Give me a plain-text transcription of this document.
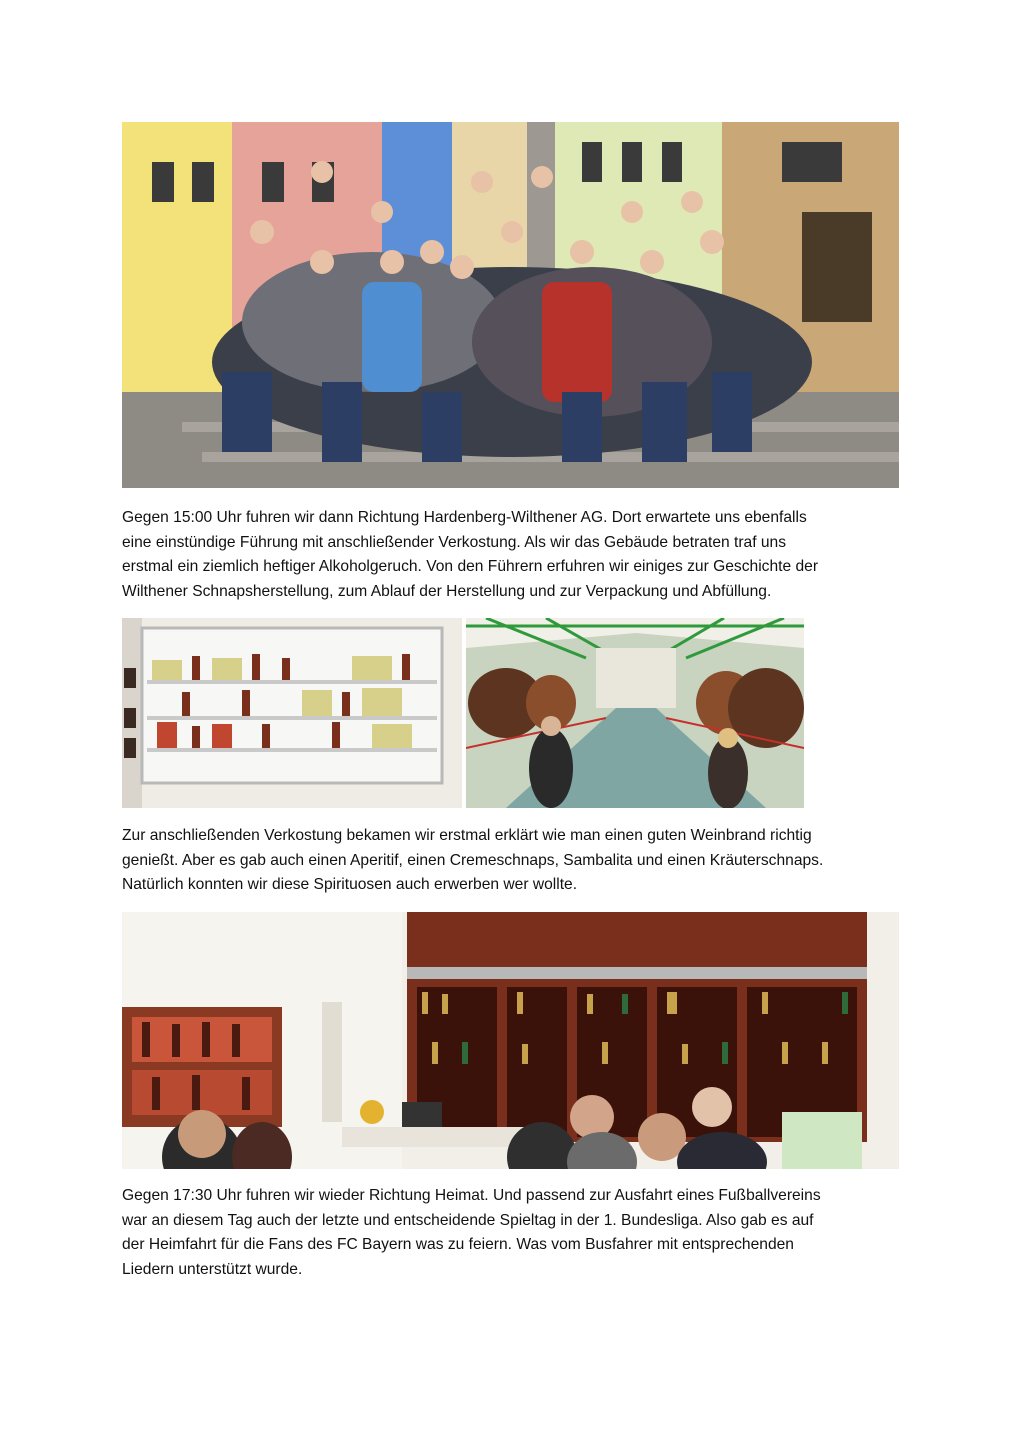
Gegen 15:00 Uhr fuhren wir dann Richtung Hardenberg-Wilthener AG. Dort erwartete uns ebenfalls
eine einstündige Führung mit anschließender Verkostung. Als wir das Gebäude betraten traf uns
erstmal ein ziemlich heftiger Alkoholgeruch. Von den Führern erfuhren wir einiges zur Geschichte der
Wilthener Schnapsherstellung, zum Ablauf der Herstellung und zur Verpackung und Abfüllung.

Zur anschließenden Verkostung bekamen wir erstmal erklärt wie man einen guten Weinbrand richtig
genießt. Aber es gab auch einen Aperitif, einen Cremeschnaps, Sambalita und einen Kräuterschnaps.
Natürlich konnten wir diese Spirituosen auch erwerben wer wollte.

Gegen 17:30 Uhr fuhren wir wieder Richtung Heimat. Und passend zur Ausfahrt eines Fußballvereins
war an diesem Tag auch der letzte und entscheidende Spieltag in der 1. Bundesliga. Also gab es auf
der Heimfahrt für die Fans des FC Bayern was zu feiern. Was vom Busfahrer mit entsprechenden
Liedern unterstützt wurde.
